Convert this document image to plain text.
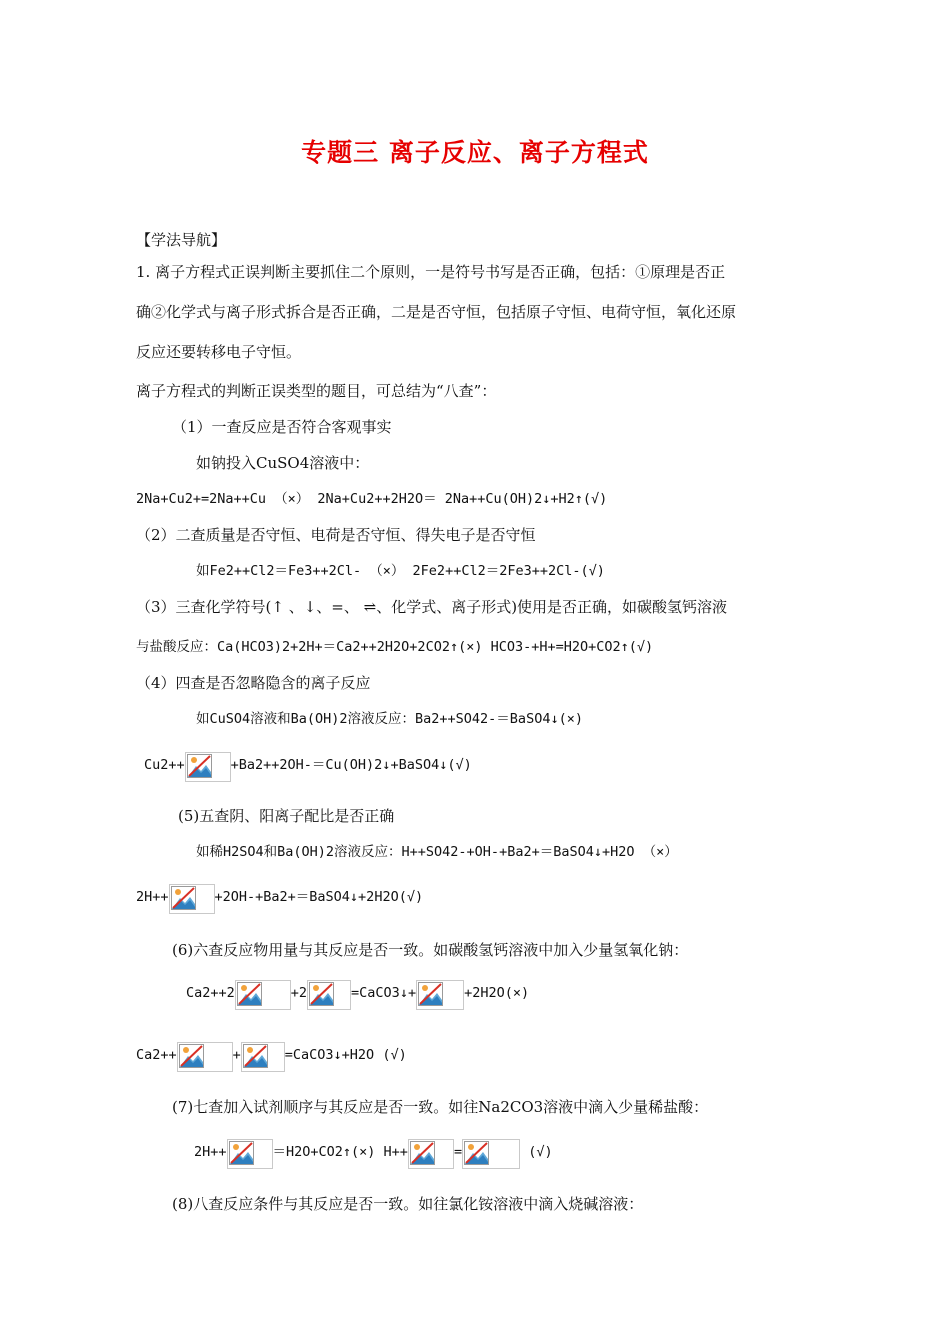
专题三 离子反应、离子方程式
【学法导航】
1. 离子方程式正误判断主要抓住二个原则，一是符号书写是否正确，包括：①原理是否正
确②化学式与离子形式拆合是否正确，二是是否守恒，包括原子守恒、电荷守恒，氧化还原
反应还要转移电子守恒。
离子方程式的判断正误类型的题目，可总结为“八查”：
（1）一查反应是否符合客观事实
如钠投入CuSO4溶液中：
2Na+Cu2+=2Na++Cu （×） 2Na+Cu2++2H2O＝ 2Na++Cu(OH)2↓+H2↑(√)
（2）二查质量是否守恒、电荷是否守恒、得失电子是否守恒
如Fe2++Cl2＝Fe3++2Cl- （×） 2Fe2++Cl2＝2Fe3++2Cl-(√)
（3）三查化学符号(↑ 、↓、=、 ⇌、化学式、离子形式)使用是否正确，如碳酸氢钙溶液
与盐酸反应：Ca(HCO3)2+2H+＝Ca2++2H2O+2CO2↑(×) HCO3-+H+=H2O+CO2↑(√)
（4）四查是否忽略隐含的离子反应
如CuSO4溶液和Ba(OH)2溶液反应：Ba2++SO42-＝BaSO4↓(×)
Cu2++	+Ba2++2OH-＝Cu(OH)2↓+BaSO4↓(√)
(5)五查阴、阳离子配比是否正确
如稀H2SO4和Ba(OH)2溶液反应：H++SO42-+OH-+Ba2+＝BaSO4↓+H2O （×）
2H++	+2OH-+Ba2+＝BaSO4↓+2H2O(√)
(6)六查反应物用量与其反应是否一致。如碳酸氢钙溶液中加入少量氢氧化钠：
Ca2++2	+2	=CaCO3↓+	+2H2O(×)
Ca2++	+	=CaCO3↓+H2O (√)
(7)七查加入试剂顺序与其反应是否一致。如往Na2CO3溶液中滴入少量稀盐酸：
2H++	＝H2O+CO2↑(×) H++	=	(√)
(8)八查反应条件与其反应是否一致。如往氯化铵溶液中滴入烧碱溶液：
